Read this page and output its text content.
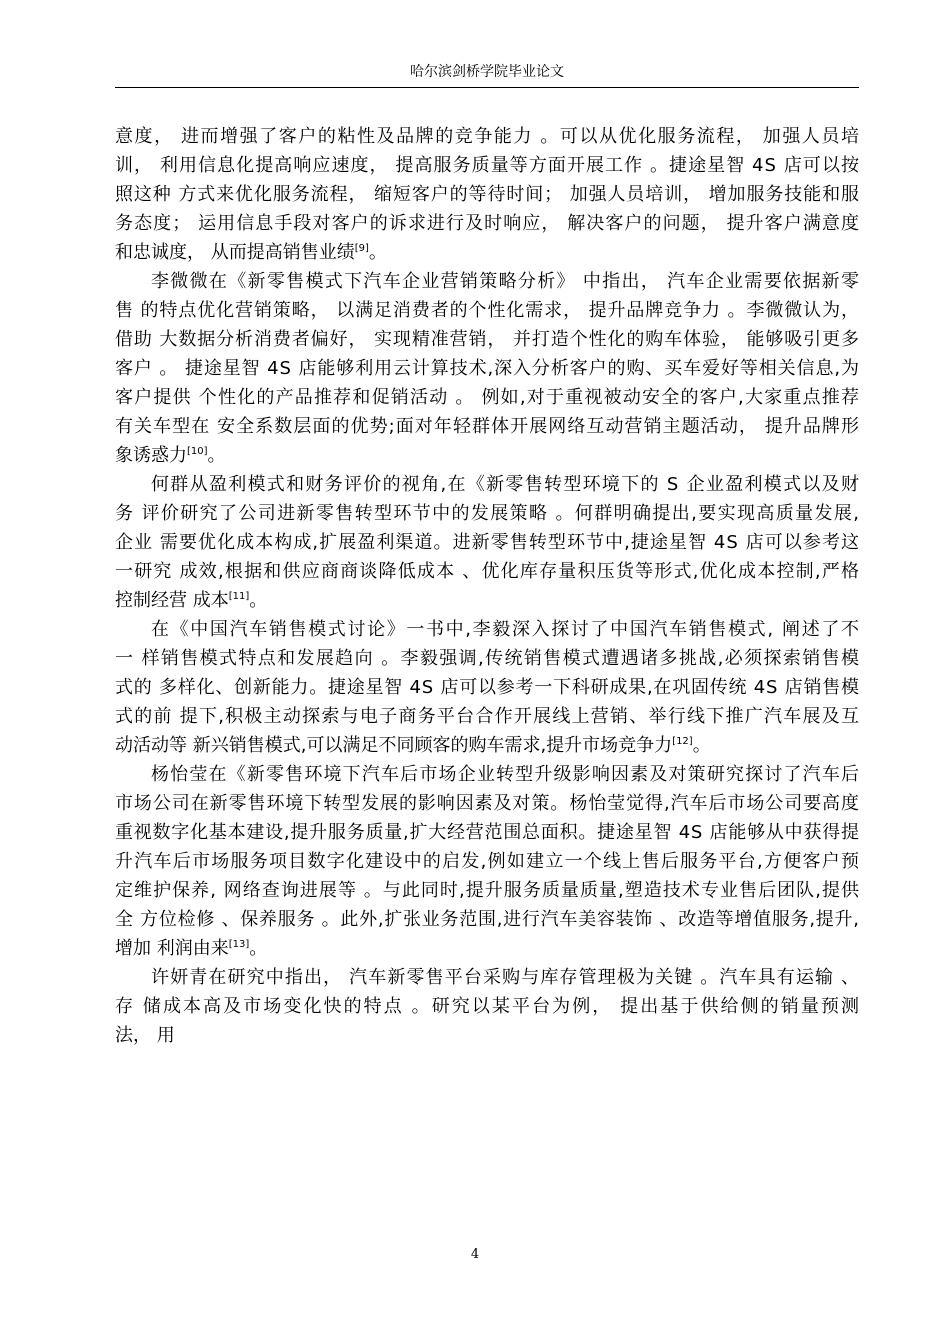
哈尔滨剑桥学院毕业论文
意度， 进而增强了客户的粘性及品牌的竞争能力 。可以从优化服务流程， 加强人员培
训， 利用信息化提高响应速度， 提高服务质量等方面开展工作 。捷途星智 4S 店可以按
照这种 方式来优化服务流程， 缩短客户的等待时间； 加强人员培训， 增加服务技能和服
务态度； 运用信息手段对客户的诉求进行及时响应， 解决客户的问题， 提升客户满意度
和忠诚度， 从而提高销售业绩[9]。
李微微在《新零售模式下汽车企业营销策略分析》 中指出， 汽车企业需要依据新零
售 的特点优化营销策略， 以满足消费者的个性化需求， 提升品牌竞争力 。李微微认为，
借助 大数据分析消费者偏好， 实现精准营销， 并打造个性化的购车体验， 能够吸引更多
客户 。 捷途星智 4S 店能够利用云计算技术,深入分析客户的购、买车爱好等相关信息,为
客户提供 个性化的产品推荐和促销活动 。 例如,对于重视被动安全的客户,大家重点推荐
有关车型在 安全系数层面的优势;面对年轻群体开展网络互动营销主题活动， 提升品牌形
象诱惑力[10]。
何群从盈利模式和财务评价的视角,在《新零售转型环境下的 S 企业盈利模式以及财
务 评价研究了公司进新零售转型环节中的发展策略 。何群明确提出,要实现高质量发展,
企业 需要优化成本构成,扩展盈利渠道。进新零售转型环节中,捷途星智 4S 店可以参考这
一研究 成效,根据和供应商商谈降低成本 、优化库存量积压货等形式,优化成本控制,严格
控制经营 成本[11]。
在《中国汽车销售模式讨论》一书中,李毅深入探讨了中国汽车销售模式, 阐述了不
一 样销售模式特点和发展趋向 。李毅强调,传统销售模式遭遇诸多挑战,必须探索销售模
式的 多样化、创新能力。捷途星智 4S 店可以参考一下科研成果,在巩固传统 4S 店销售模
式的前 提下,积极主动探索与电子商务平台合作开展线上营销、举行线下推广汽车展及互
动活动等 新兴销售模式,可以满足不同顾客的购车需求,提升市场竞争力[12]。
杨怡莹在《新零售环境下汽车后市场企业转型升级影响因素及对策研究探讨了汽车后
市场公司在新零售环境下转型发展的影响因素及对策。杨怡莹觉得,汽车后市场公司要高度
重视数字化基本建设,提升服务质量,扩大经营范围总面积。捷途星智 4S 店能够从中获得提
升汽车后市场服务项目数字化建设中的启发,例如建立一个线上售后服务平台,方便客户预
定维护保养, 网络查询进展等 。与此同时,提升服务质量质量,塑造技术专业售后团队,提供
全 方位检修 、保养服务 。此外,扩张业务范围,进行汽车美容装饰 、改造等增值服务,提升,
增加 利润由来[13]。
许妍青在研究中指出， 汽车新零售平台采购与库存管理极为关键 。汽车具有运输 、
存 储成本高及市场变化快的特点 。研究以某平台为例， 提出基于供给侧的销量预测
法， 用
4
